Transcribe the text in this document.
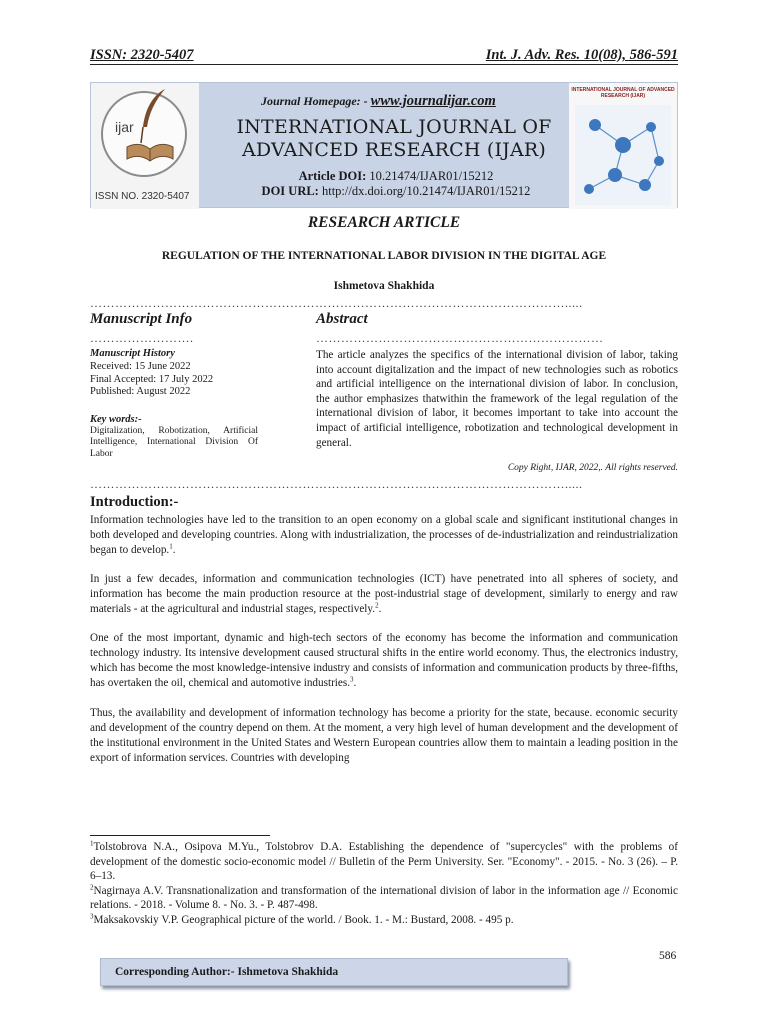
ISSN: 2320-5407	Int. J. Adv. Res. 10(08), 586-591
ijar
ISSN NO. 2320-5407
Journal Homepage: - www.journalijar.com
INTERNATIONAL JOURNAL OF
ADVANCED RESEARCH (IJAR)
Article DOI: 10.21474/IJAR01/15212
DOI URL: http://dx.doi.org/10.21474/IJAR01/15212
INTERNATIONAL JOURNAL OF ADVANCED RESEARCH (IJAR)
RESEARCH ARTICLE
REGULATION OF THE INTERNATIONAL LABOR DIVISION IN THE DIGITAL AGE
Ishmetova Shakhida
…………………………………………………………………………………………………….....
Manuscript Info	Abstract
…………………….	……………………………………………………………
Manuscript History
Received: 15 June 2022
Final Accepted: 17 July 2022
Published: August 2022
Key words:-
Digitalization, Robotization, Artificial Intelligence, International Division Of Labor
The article analyzes the specifics of the international division of labor, taking into account digitalization and the impact of new technologies such as robotics and artificial intelligence on the international division of labor. In conclusion, the author emphasizes thatwithin the framework of the legal regulation of the international division of labor, it becomes important to take into account the impact of artificial intelligence, robotization and technological development in general.
Copy Right, IJAR, 2022,. All rights reserved.
…………………………………………………………………………………………………….....
Introduction:-
Information technologies have led to the transition to an open economy on a global scale and significant institutional changes in both developed and developing countries. Along with industrialization, the processes of de-industrialization and reindustrialization began to develop.$^1$.
In just a few decades, information and communication technologies (ICT) have penetrated into all spheres of society, and information has become the main production resource at the post-industrial stage of development, similarly to energy and raw materials - at the agricultural and industrial stages, respectively.$^2$.
One of the most important, dynamic and high-tech sectors of the economy has become the information and communication technology industry. Its intensive development caused structural shifts in the entire world economy. Thus, the electronics industry, which has become the most knowledge-intensive industry and consists of information and communication products by three-fifths, has overtaken the oil, chemical and automotive industries.$^3$.
Thus, the availability and development of information technology has become a priority for the state, because. economic security and development of the country depend on them. At the moment, a very high level of human development and the development of the institutional environment in the United States and Western European countries allow them to maintain a leading position in the export of information services. Countries with developing
$^1$Tolstobrova N.A., Osipova M.Yu., Tolstobrov D.A. Establishing the dependence of "supercycles" with the problems of development of the domestic socio-economic model // Bulletin of the Perm University. Ser. "Economy". - 2015. - No. 3 (26). – P. 6–13.
$^2$Nagirnaya A.V. Transnationalization and transformation of the international division of labor in the information age // Economic relations. - 2018. - Volume 8. - No. 3. - P. 487-498.
$^3$Maksakovskiy V.P. Geographical picture of the world. / Book. 1. - M.: Bustard, 2008. - 495 p.
586
Corresponding Author:- Ishmetova Shakhida
